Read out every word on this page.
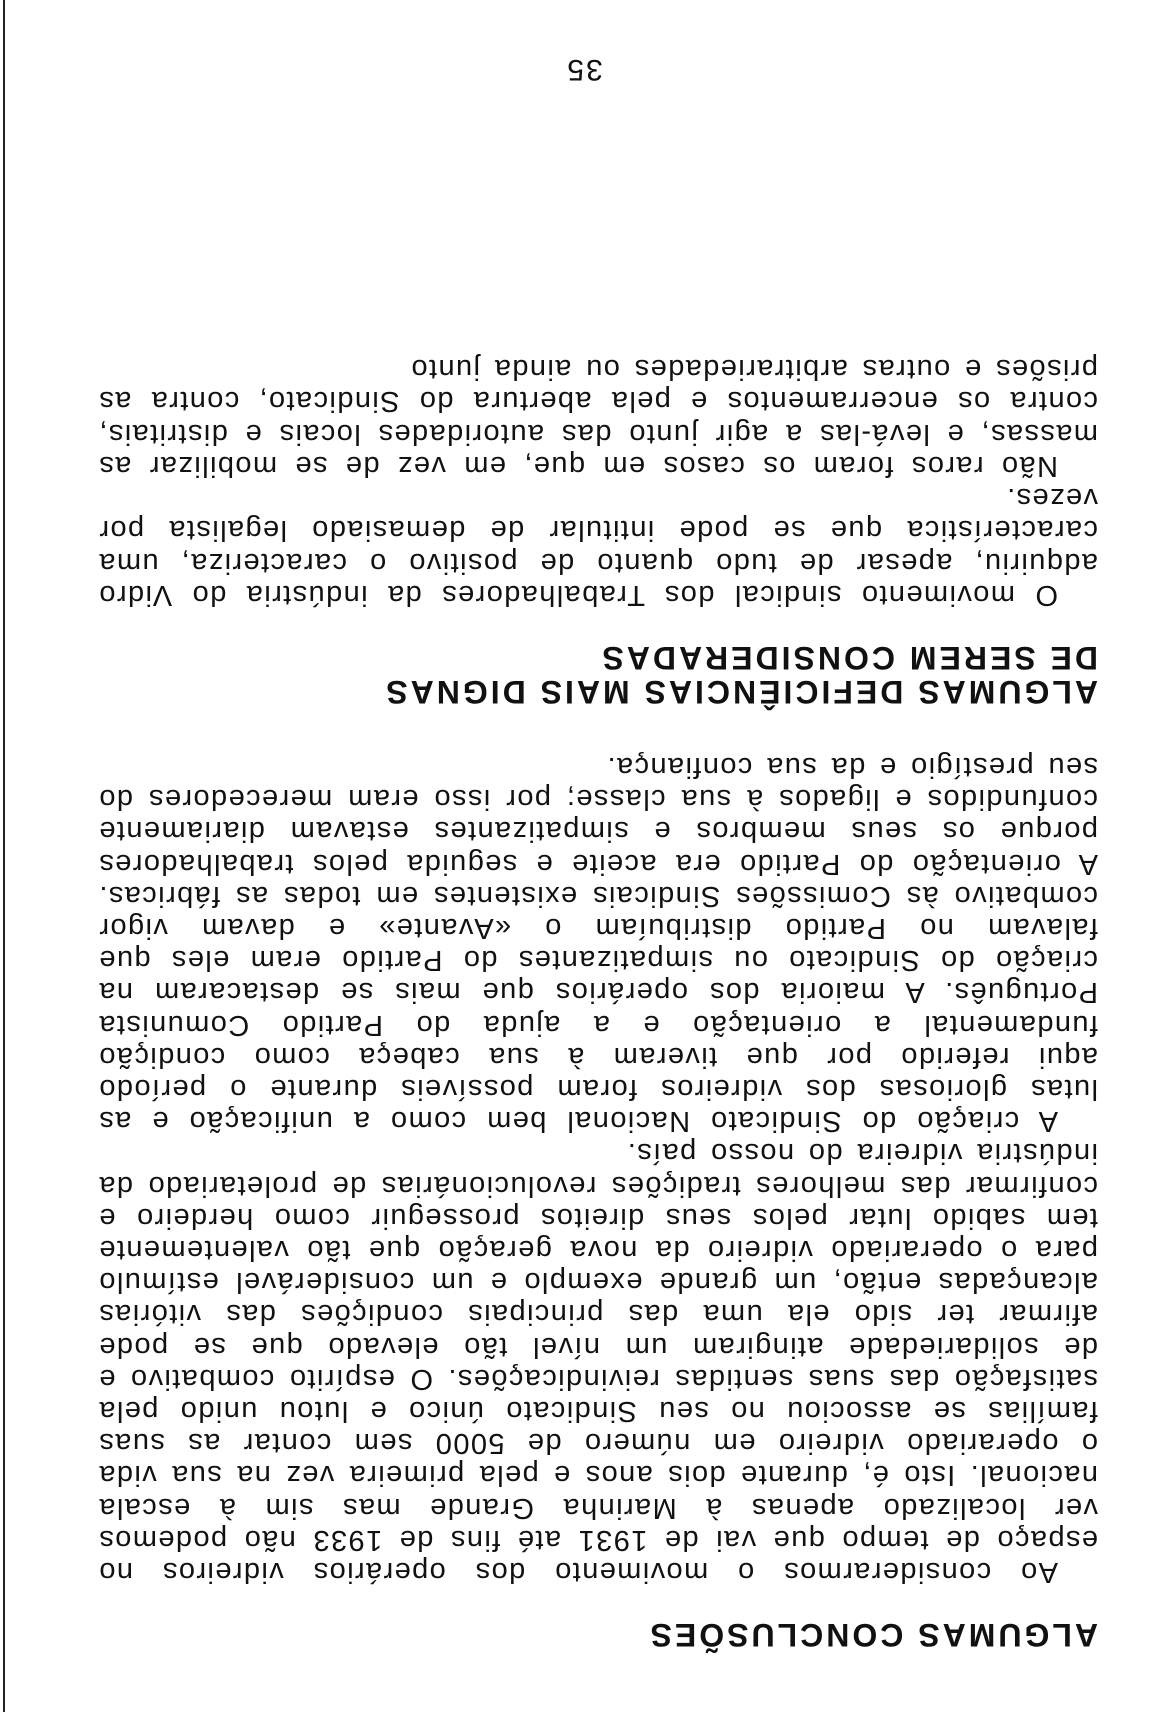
ALGUMAS CONCLUSÕES

Ao considerarmos o movimento dos operários vidreiros no espaço de tempo que vai de 1931 até fins de 1933 não podemos ver localizado apenas à Marinha Grande mas sim à escala nacional. Isto é, durante dois anos e pela primeira vez na sua vida o operariado vidreiro em número de 5000 sem contar as suas famílias se associou no seu Sindicato único e lutou unido pela satisfação das suas sentidas reivindicações. O espírito combativo e de solidariedade atingiram um nível tão elevado que se pode afirmar ter sido ela uma das principais condições das vitórias alcançadas então, um grande exemplo e um considerável estímulo para o operariado vidreiro da nova geração que tão valentemente tem sabido lutar pelos seus direitos prosseguir como herdeiro e confirmar das melhores tradições revolucionárias de proletariado da indústria vidreira do nosso país.

A criação do Sindicato Nacional bem como a unificação e as lutas gloriosas dos vidreiros foram possíveis durante o período aqui referido por que tiveram à sua cabeça como condição fundamental a orientação e a ajuda do Partido Comunista Português. A maioria dos operários que mais se destacaram na criação do Sindicato ou simpatizantes do Partido eram eles que falavam no Partido distribuíam o «Avante» e davam vigor combativo às Comissões Sindicais existentes em todas as fábricas. A orientação do Partido era aceite e seguida pelos trabalhadores porque os seus membros e simpatizantes estavam diariamente confundidos e ligados à sua classe; por isso eram merecedores do seu prestígio e da sua confiança.

ALGUMAS DEFICIÊNCIAS MAIS DIGNAS
DE SEREM CONSIDERADAS

O movimento sindical dos Trabalhadores da indústria do Vidro adquiriu, apesar de tudo quanto de positivo o caracteriza, uma característica que se pode intitular de demasiado legalista por vezes.

Não raros foram os casos em que, em vez de se mobilizar as massas, e levá-las a agir junto das autoridades locais e distritais, contra os encerramentos e pela abertura do Sindicato, contra as prisões e outras arbitrariedades ou ainda junto

35
